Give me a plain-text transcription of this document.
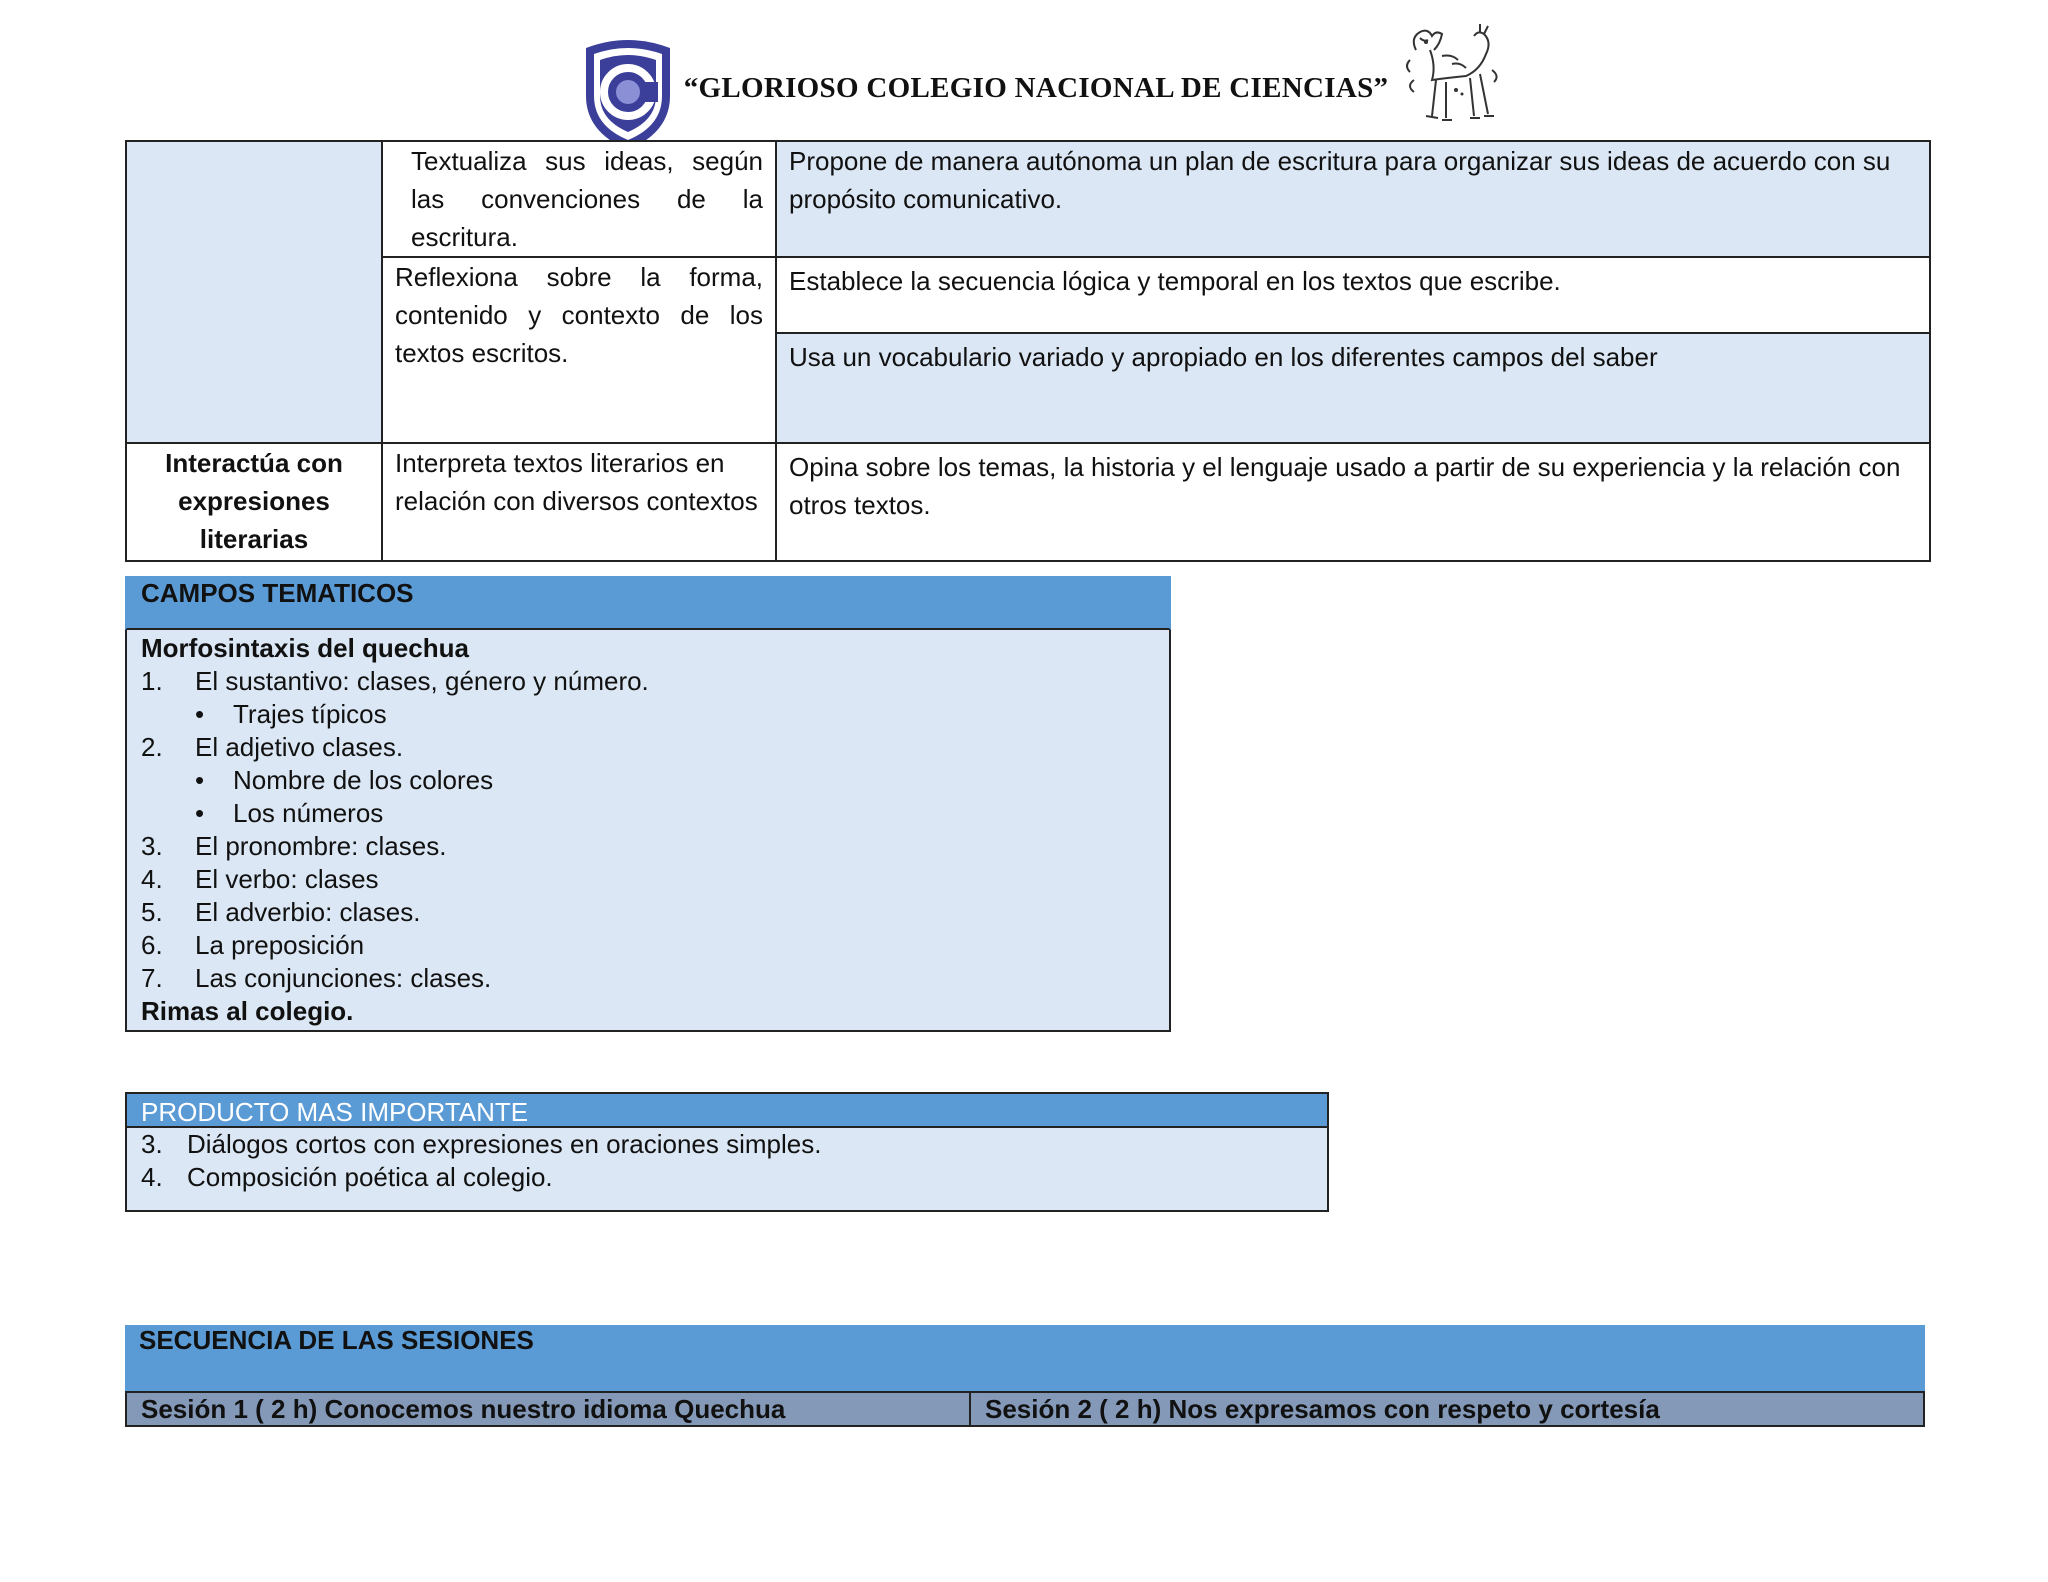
“GLORIOSO COLEGIO NACIONAL DE CIENCIAS”
	Textualiza sus ideas, según las convenciones de la escritura.	Propone de manera autónoma un plan de escritura para organizar sus ideas de acuerdo con su propósito comunicativo.
	Reflexiona sobre la forma, contenido y contexto de los textos escritos.	Establece la secuencia lógica y temporal en los textos que escribe.
		Usa un vocabulario variado y apropiado en los diferentes campos del saber
Interactúa con expresiones literarias	Interpreta textos literarios en relación con diversos contextos	Opina sobre los temas, la historia y el lenguaje usado a partir de su experiencia y la relación con otros textos.
CAMPOS TEMATICOS
Morfosintaxis del quechua
1. El sustantivo: clases, género y número.
• Trajes típicos
2. El adjetivo clases.
• Nombre de los colores
• Los números
3. El pronombre: clases.
4. El verbo: clases
5. El adverbio: clases.
6. La preposición
7. Las conjunciones: clases.
Rimas al colegio.
PRODUCTO MAS IMPORTANTE
3. Diálogos cortos con expresiones en oraciones simples.
4. Composición poética al colegio.
SECUENCIA DE LAS SESIONES
Sesión 1 ( 2 h) Conocemos nuestro idioma Quechua	Sesión 2 ( 2 h) Nos expresamos con respeto y cortesía
